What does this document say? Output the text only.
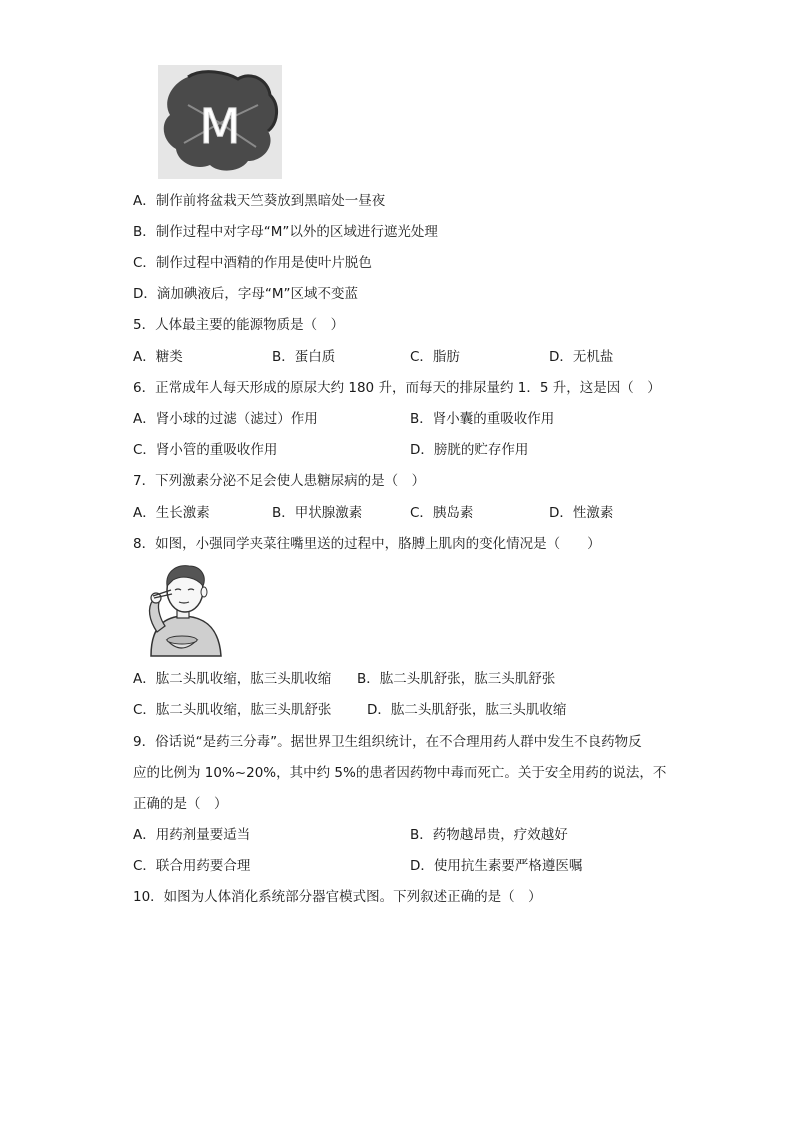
M
A．制作前将盆栽天竺葵放到黑暗处一昼夜
B．制作过程中对字母“M”以外的区域进行遮光处理
C．制作过程中酒精的作用是使叶片脱色
D．滴加碘液后，字母“M”区域不变蓝
5．人体最主要的能源物质是（　）
A．糖类	B．蛋白质	C．脂肪	D．无机盐
6．正常成年人每天形成的原尿大约 180 升，而每天的排尿量约 1．5 升，这是因（　）
A．肾小球的过滤（滤过）作用	B．肾小囊的重吸收作用
C．肾小管的重吸收作用	D．膀胱的贮存作用
7．下列激素分泌不足会使人患糖尿病的是（　）
A．生长激素	B．甲状腺激素	C．胰岛素	D．性激素
8．如图，小强同学夹菜往嘴里送的过程中，胳膊上肌肉的变化情况是（　　）
A．肱二头肌收缩，肱三头肌收缩 B．肱二头肌舒张，肱三头肌舒张
C．肱二头肌收缩，肱三头肌舒张	D．肱二头肌舒张，肱三头肌收缩
9．俗话说“是药三分毒”。据世界卫生组织统计，在不合理用药人群中发生不良药物反
应的比例为 10%~20%，其中约 5%的患者因药物中毒而死亡。关于安全用药的说法，不
正确的是（　）
A．用药剂量要适当	B．药物越昂贵，疗效越好
C．联合用药要合理	D．使用抗生素要严格遵医嘱
10．如图为人体消化系统部分器官模式图。下列叙述正确的是（　）
